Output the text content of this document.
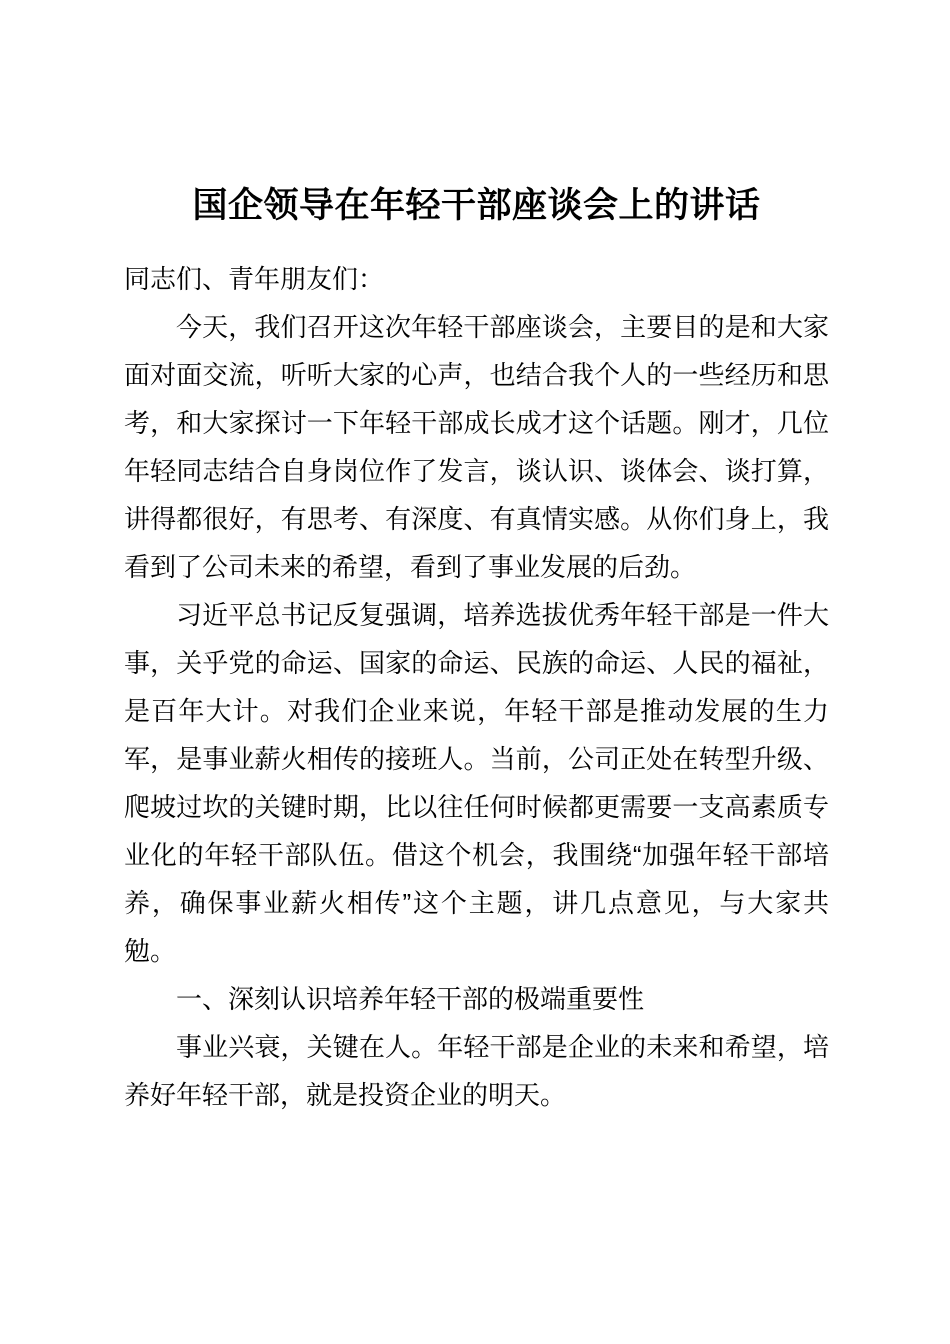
国企领导在年轻干部座谈会上的讲话

同志们、青年朋友们：

今天，我们召开这次年轻干部座谈会，主要目的是和大家面对面交流，听听大家的心声，也结合我个人的一些经历和思考，和大家探讨一下年轻干部成长成才这个话题。刚才，几位年轻同志结合自身岗位作了发言，谈认识、谈体会、谈打算，讲得都很好，有思考、有深度、有真情实感。从你们身上，我看到了公司未来的希望，看到了事业发展的后劲。

习近平总书记反复强调，培养选拔优秀年轻干部是一件大事，关乎党的命运、国家的命运、民族的命运、人民的福祉，是百年大计。对我们企业来说，年轻干部是推动发展的生力军，是事业薪火相传的接班人。当前，公司正处在转型升级、爬坡过坎的关键时期，比以往任何时候都更需要一支高素质专业化的年轻干部队伍。借这个机会，我围绕“加强年轻干部培养，确保事业薪火相传”这个主题，讲几点意见，与大家共勉。

一、深刻认识培养年轻干部的极端重要性

事业兴衰，关键在人。年轻干部是企业的未来和希望，培养好年轻干部，就是投资企业的明天。
